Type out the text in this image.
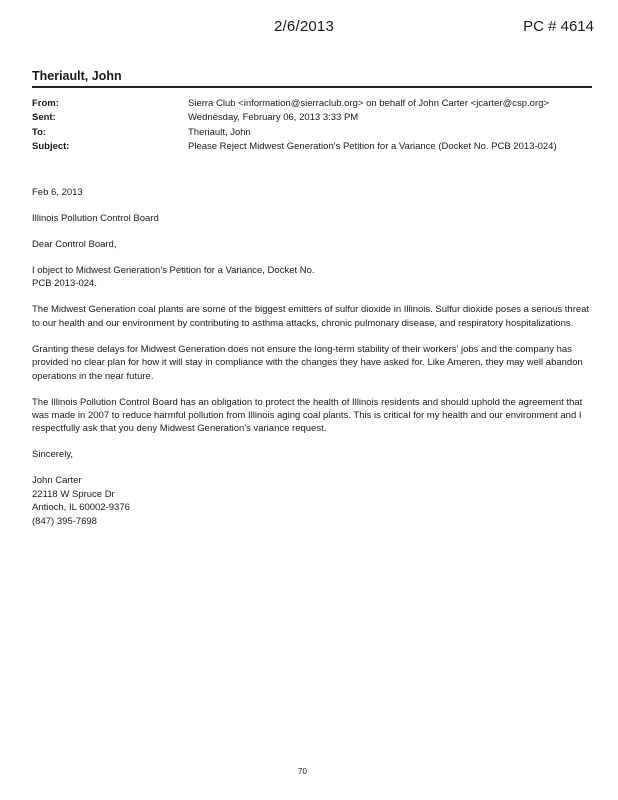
2/6/2013	PC # 4614
Theriault, John
From:	Sierra Club <information@sierraclub.org> on behalf of John Carter <jcarter@csp.org>
Sent:	Wednesday, February 06, 2013 3:33 PM
To:	Theriault, John
Subject:	Please Reject Midwest Generation's Petition for a Variance (Docket No. PCB 2013-024)

Feb 6, 2013

Illinois Pollution Control Board

Dear Control Board,

I object to Midwest Generation's Petition for a Variance, Docket No.
PCB 2013-024.

The Midwest Generation coal plants are some of the biggest emitters of sulfur dioxide in Illinois. Sulfur dioxide poses a serious threat to our health and our environment by contributing to asthma attacks, chronic pulmonary disease, and respiratory hospitalizations.

Granting these delays for Midwest Generation does not ensure the long-term stability of their workers' jobs and the company has provided no clear plan for how it will stay in compliance with the changes they have asked for. Like Ameren, they may well abandon operations in the near future.

The Illinois Pollution Control Board has an obligation to protect the health of Illinois residents and should uphold the agreement that was made in 2007 to reduce harmful pollution from Illinois aging coal plants. This is critical for my health and our environment and I respectfully ask that you deny Midwest Generation's variance request.

Sincerely,

John Carter
22118 W Spruce Dr
Antioch, IL 60002-9376
(847) 395-7698

70
